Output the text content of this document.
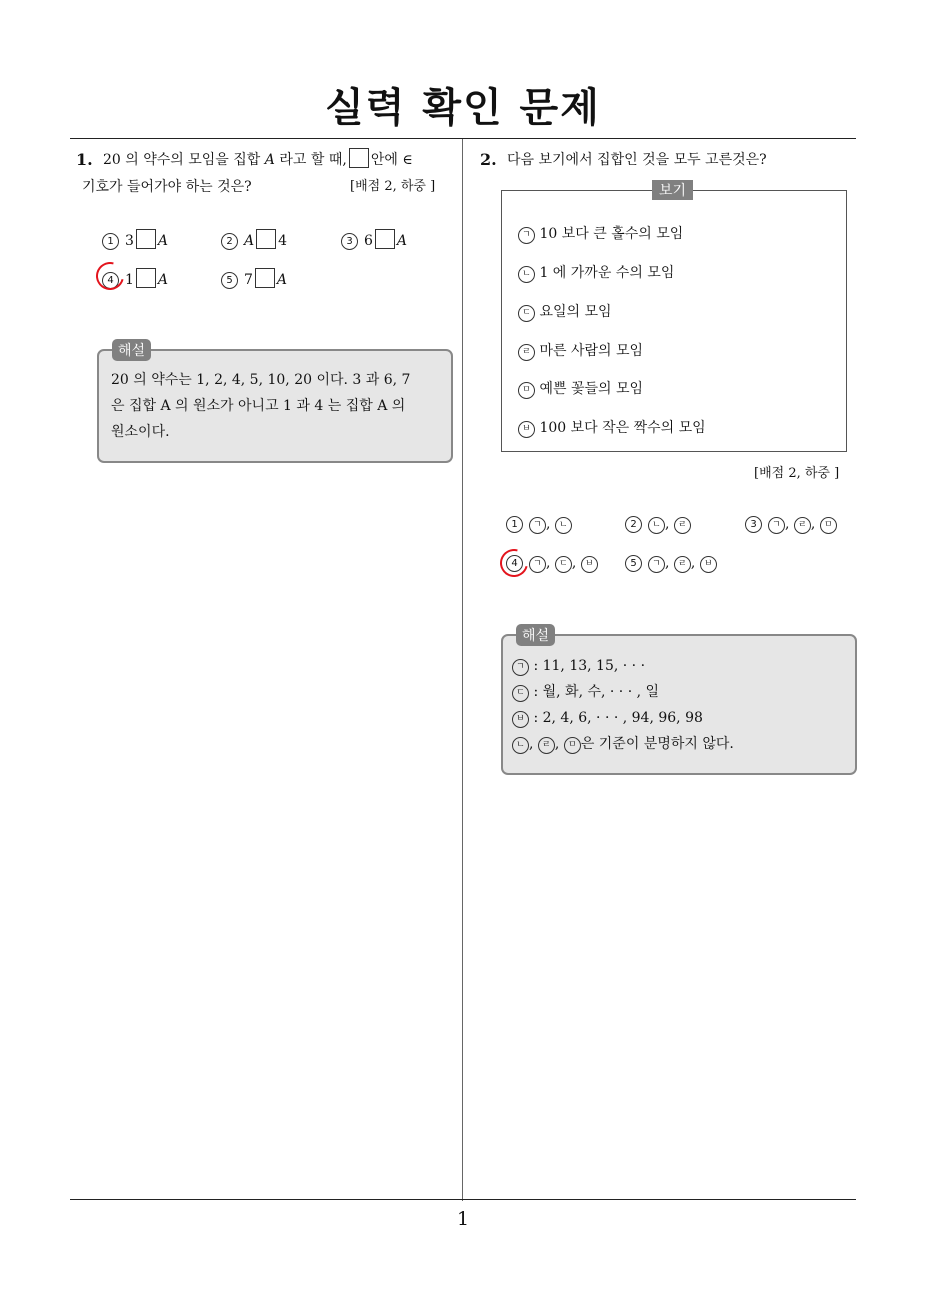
실력 확인 문제
1
1. 20 의 약수의 모임을 집합 A 라고 할 때, 안에 ∈
기호가 들어가야 하는 것은?	[배점 2, 하중 ]
1 3 A	2 A 4	3 6 A
4 1 A	5 7 A
해설
20 의 약수는 1, 2, 4, 5, 10, 20 이다. 3 과 6, 7
은 집합 A 의 원소가 아니고 1 과 4 는 집합 A 의
원소이다.
2. 다음 보기에서 집합인 것을 모두 고른것은?
보기
ㄱ 10 보다 큰 홀수의 모임
ㄴ 1 에 가까운 수의 모임
ㄷ 요일의 모임
ㄹ 마른 사람의 모임
ㅁ 예쁜 꽃들의 모임
ㅂ 100 보다 작은 짝수의 모임
[배점 2, 하중 ]
1 ㄱ , ㄴ	2 ㄴ , ㄹ	3 ㄱ , ㄹ , ㅁ
4 ㄱ , ㄷ , ㅂ	5 ㄱ , ㄹ , ㅂ
해설
ㄱ : 11, 13, 15, · · ·
ㄷ : 월, 화, 수, · · · , 일
ㅂ : 2, 4, 6, · · · , 94, 96, 98
ㄴ , ㄹ , ㅁ 은 기준이 분명하지 않다.
